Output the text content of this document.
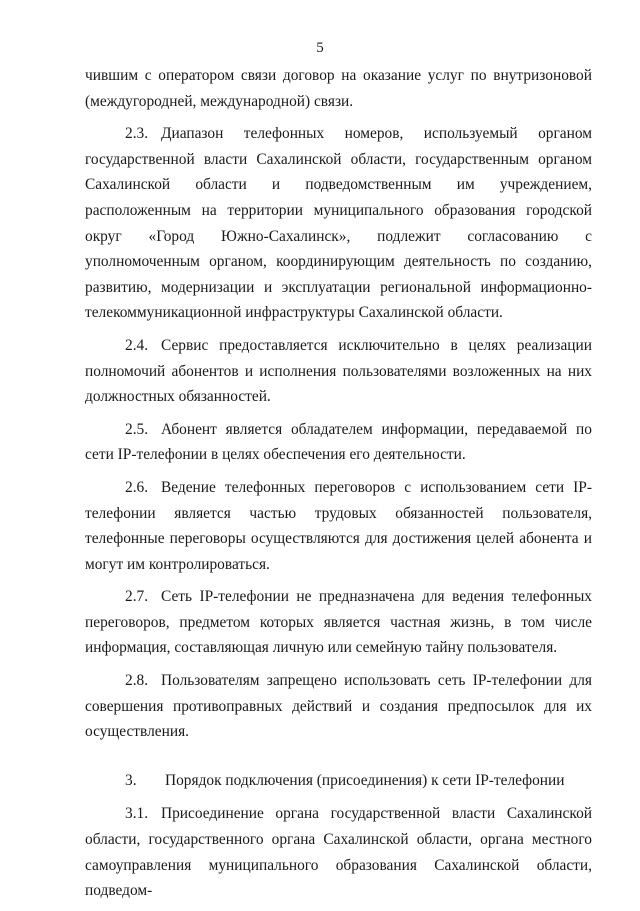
5

чившим с оператором связи договор на оказание услуг по внутризоновой (междугородней, международной) связи.

2.3. Диапазон телефонных номеров, используемый органом государственной власти Сахалинской области, государственным органом Сахалинской области и подведомственным им учреждением, расположенным на территории муниципального образования городской округ «Город Южно-Сахалинск», подлежит согласованию с уполномоченным органом, координирующим деятельность по созданию, развитию, модернизации и эксплуатации региональной информационно-телекоммуникационной инфраструктуры Сахалинской области.

2.4. Сервис предоставляется исключительно в целях реализации полномочий абонентов и исполнения пользователями возложенных на них должностных обязанностей.

2.5. Абонент является обладателем информации, передаваемой по сети IP-телефонии в целях обеспечения его деятельности.

2.6. Ведение телефонных переговоров с использованием сети IP-телефонии является частью трудовых обязанностей пользователя, телефонные переговоры осуществляются для достижения целей абонента и могут им контролироваться.

2.7. Сеть IP-телефонии не предназначена для ведения телефонных переговоров, предметом которых является частная жизнь, в том числе информация, составляющая личную или семейную тайну пользователя.

2.8. Пользователям запрещено использовать сеть IP-телефонии для совершения противоправных действий и создания предпосылок для их осуществления.

3. Порядок подключения (присоединения) к сети IP-телефонии

3.1. Присоединение органа государственной власти Сахалинской области, государственного органа Сахалинской области, органа местного самоуправления муниципального образования Сахалинской области, подведом-
